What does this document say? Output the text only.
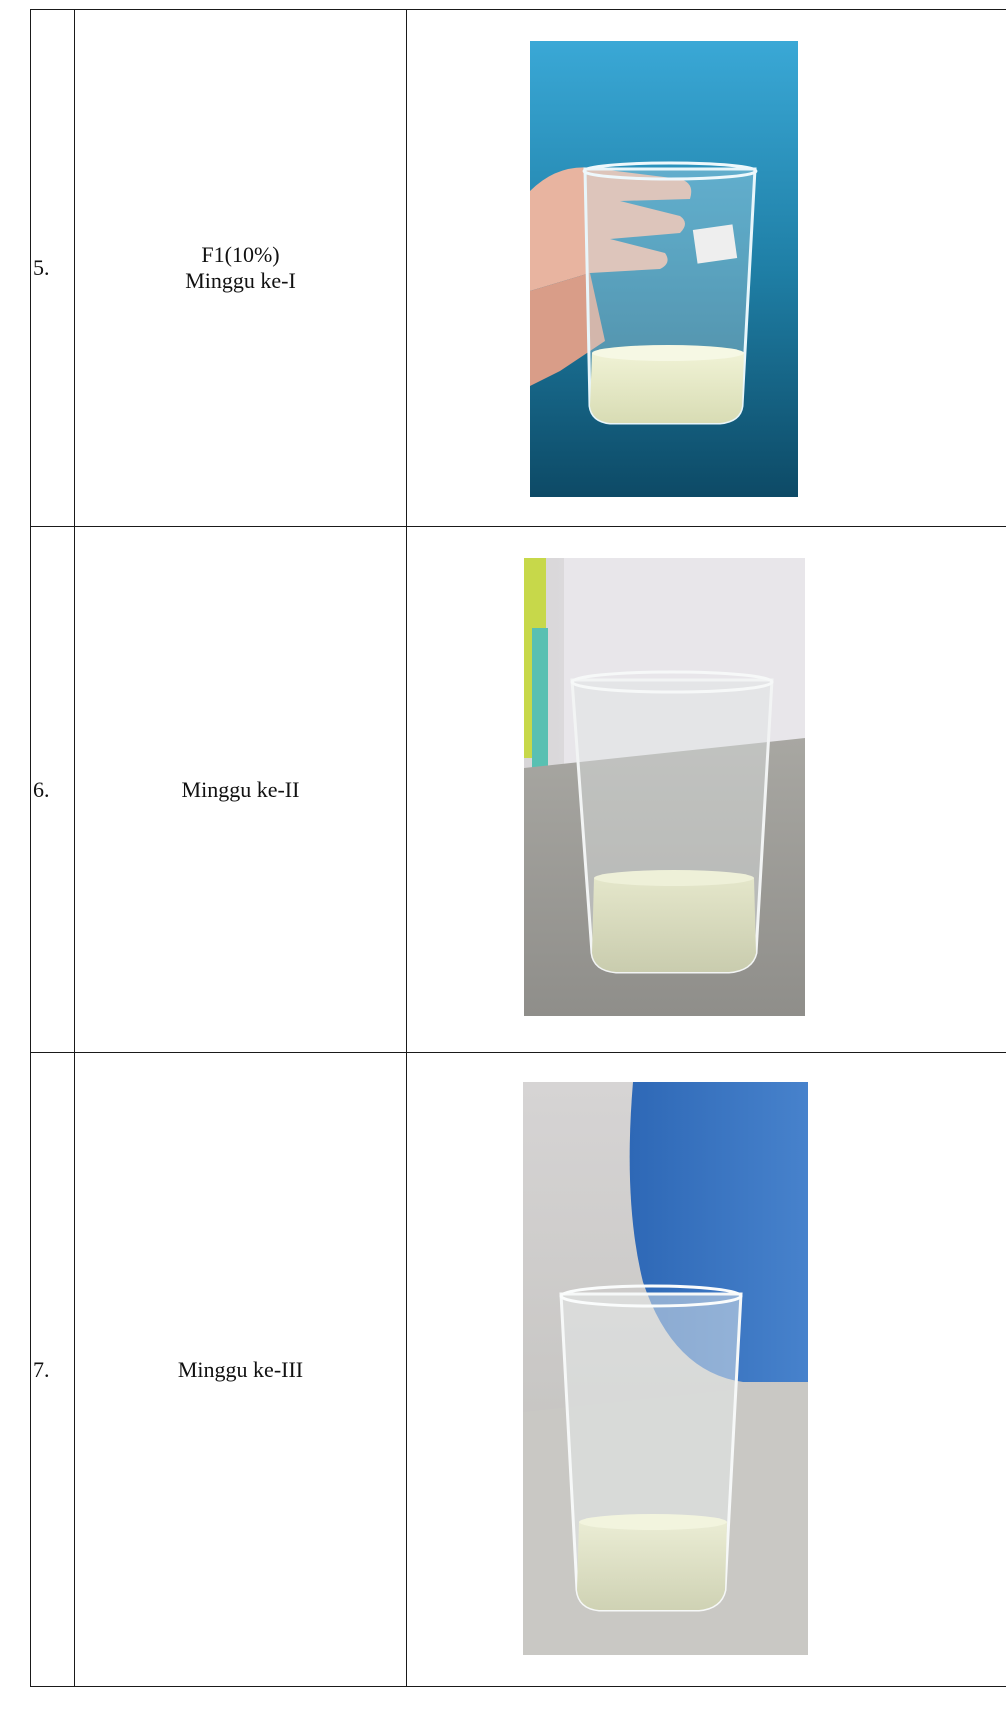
5.	F1(10%)
Minggu ke-I

6.	Minggu ke-II

7.	Minggu ke-III
